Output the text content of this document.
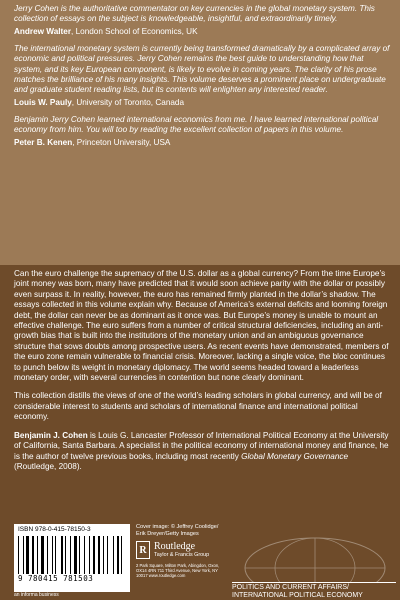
Jerry Cohen is the authoritative commentator on key currencies in the global monetary system. This collection of essays on the subject is knowledgeable, insightful, and extraordinarily timely.

Andrew Walter, London School of Economics, UK

The international monetary system is currently being transformed dramatically by a complicated array of economic and political pressures. Jerry Cohen remains the best guide to understanding how that system, and its key European component, is likely to evolve in coming years. The clarity of his prose matches the brilliance of his many insights. This volume deserves a prominent place on undergraduate and graduate student reading lists, but its contents will enlighten any interested reader.

Louis W. Pauly, University of Toronto, Canada

Benjamin Jerry Cohen learned international economics from me. I have learned international political economy from him. You will too by reading the excellent collection of papers in this volume.

Peter B. Kenen, Princeton University, USA

Can the euro challenge the supremacy of the U.S. dollar as a global currency? From the time Europe’s joint money was born, many have predicted that it would soon achieve parity with the dollar or possibly even surpass it. In reality, however, the euro has remained firmly planted in the dollar’s shadow. The essays collected in this volume explain why. Because of America’s external deficits and looming foreign debt, the dollar can never be as dominant as it once was. But Europe’s money is unable to mount an effective challenge. The euro suffers from a number of critical structural deficiencies, including an anti-growth bias that is built into the institutions of the monetary union and an ambiguous governance structure that sows doubts among prospective users. As recent events have demonstrated, members of the euro zone remain vulnerable to financial crisis. Moreover, lacking a single voice, the bloc continues to punch below its weight in monetary diplomacy. The world seems headed toward a leaderless monetary order, with several currencies in contention but none clearly dominant.

This collection distills the views of one of the world’s leading scholars in global currency, and will be of considerable interest to students and scholars of international finance and international political economy.

Benjamin J. Cohen is Louis G. Lancaster Professor of International Political Economy at the University of California, Santa Barbara. A specialist in the political economy of international money and finance, he is the author of twelve previous books, including most recently Global Monetary Governance (Routledge, 2008).

ISBN 978-0-415-78150-3
9 780415 781503
an informa business
Cover image: © Jeffrey Coolidge/ Erik Dreyer/Getty Images
R Routledge
Taylor & Francis Group
2 Park Square, Milton Park, Abingdon, Oxon, OX14 4RN 711 Third Avenue, New York, NY 10017 www.routledge.com
POLITICS AND CURRENT AFFAIRS/ INTERNATIONAL POLITICAL ECONOMY
